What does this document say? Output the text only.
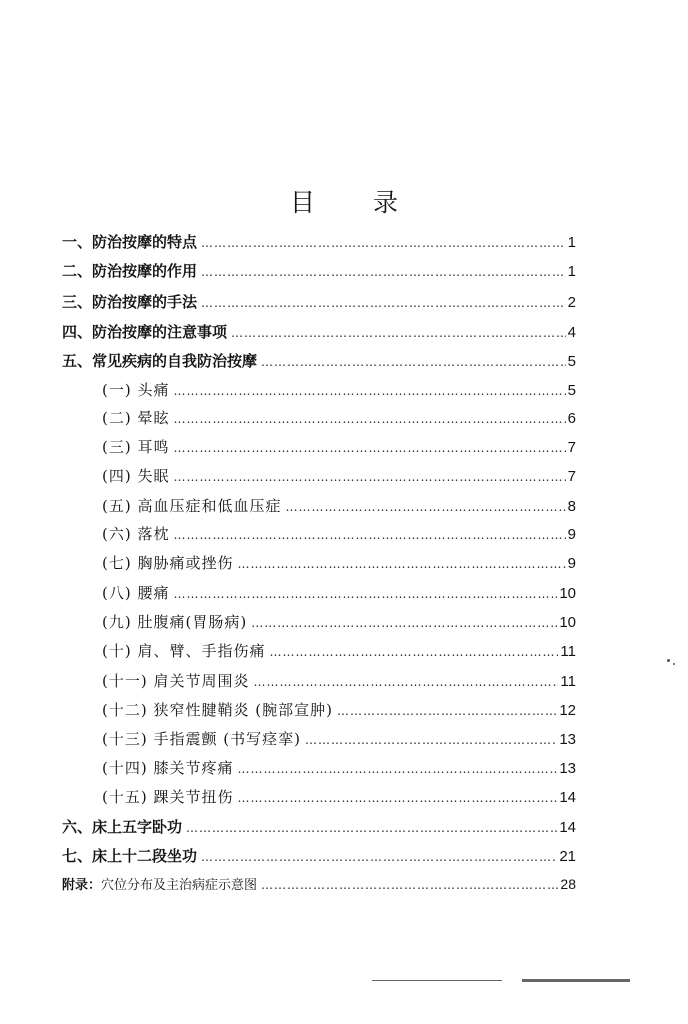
目 录
一、防治按摩的特点 ……………………………………………………………………………………………………………………………………………………………………	1
二、防治按摩的作用 ……………………………………………………………………………………………………………………………………………………………………	1
三、防治按摩的手法 ……………………………………………………………………………………………………………………………………………………………………	2
四、防治按摩的注意事项 ……………………………………………………………………………………………………………………………………………………………………	4
五、常见疾病的自我防治按摩 ……………………………………………………………………………………………………………………………………………………………………	5
(一) 头痛 ……………………………………………………………………………………………………………………………………………………………………	5
(二) 晕眩 ……………………………………………………………………………………………………………………………………………………………………	6
(三) 耳鸣 ……………………………………………………………………………………………………………………………………………………………………	7
(四) 失眠 ……………………………………………………………………………………………………………………………………………………………………	7
(五) 高血压症和低血压症 ……………………………………………………………………………………………………………………………………………………………………	8
(六) 落枕 ……………………………………………………………………………………………………………………………………………………………………	9
(七) 胸胁痛或挫伤 ……………………………………………………………………………………………………………………………………………………………………	9
(八) 腰痛 ……………………………………………………………………………………………………………………………………………………………………	10
(九) 肚腹痛(胃肠病) ……………………………………………………………………………………………………………………………………………………………………	10
(十) 肩、臂、手指伤痛 ……………………………………………………………………………………………………………………………………………………………………	11
(十一) 肩关节周围炎 ……………………………………………………………………………………………………………………………………………………………………	11
(十二) 狭窄性腱鞘炎 (腕部宣肿) ……………………………………………………………………………………………………………………………………………………………………	12
(十三) 手指震颤 (书写痉挛) ……………………………………………………………………………………………………………………………………………………………………	13
(十四) 膝关节疼痛 ……………………………………………………………………………………………………………………………………………………………………	13
(十五) 踝关节扭伤 ……………………………………………………………………………………………………………………………………………………………………	14
六、床上五字卧功 ……………………………………………………………………………………………………………………………………………………………………	14
七、床上十二段坐功 ……………………………………………………………………………………………………………………………………………………………………	21
附录：穴位分布及主治病症示意图 ……………………………………………………………………………………………………………………………………………………………………	28
